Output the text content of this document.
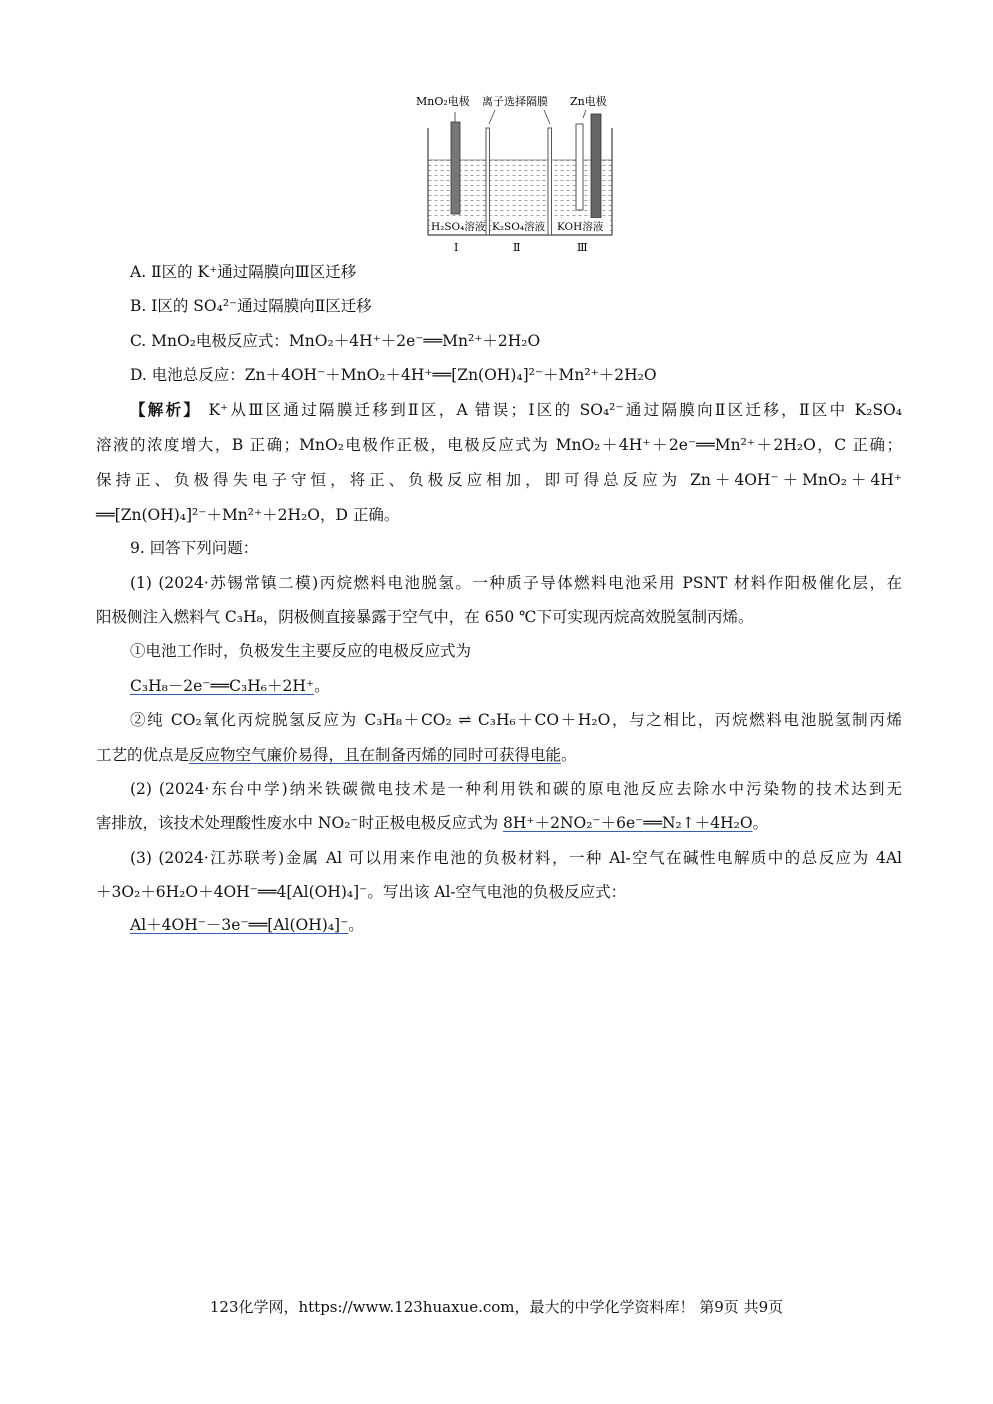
MnO₂电极 离子选择隔膜 Zn电极
H₂SO₄溶液 K₂SO₄溶液 KOH溶液
Ⅰ	Ⅱ	Ⅲ
A. Ⅱ区的 K⁺通过隔膜向Ⅲ区迁移
B. Ⅰ区的 SO₄²⁻通过隔膜向Ⅱ区迁移
C. MnO₂电极反应式：MnO₂＋4H⁺＋2e⁻══Mn²⁺＋2H₂O
D. 电池总反应：Zn＋4OH⁻＋MnO₂＋4H⁺══[Zn(OH)₄]²⁻＋Mn²⁺＋2H₂O
【解析】 K⁺从Ⅲ区通过隔膜迁移到Ⅱ区，A 错误；Ⅰ区的 SO₄²⁻通过隔膜向Ⅱ区迁移，Ⅱ区中 K₂SO₄
溶液的浓度增大，B 正确；MnO₂电极作正极，电极反应式为 MnO₂＋4H⁺＋2e⁻══Mn²⁺＋2H₂O，C 正确；
保持正、负极得失电子守恒，将正、负极反应相加，即可得总反应为 Zn＋4OH⁻＋MnO₂＋4H⁺
══[Zn(OH)₄]²⁻＋Mn²⁺＋2H₂O，D 正确。
9. 回答下列问题：
(1) (2024·苏锡常镇二模)丙烷燃料电池脱氢。一种质子导体燃料电池采用 PSNT 材料作阳极催化层，在
阳极侧注入燃料气 C₃H₈，阴极侧直接暴露于空气中，在 650 ℃下可实现丙烷高效脱氢制丙烯。
①电池工作时，负极发生主要反应的电极反应式为
C₃H₈－2e⁻══C₃H₆＋2H⁺。
②纯 CO₂氧化丙烷脱氢反应为 C₃H₈＋CO₂ ⇌ C₃H₆＋CO＋H₂O，与之相比，丙烷燃料电池脱氢制丙烯
工艺的优点是反应物空气廉价易得，且在制备丙烯的同时可获得电能。
(2) (2024·东台中学)纳米铁碳微电技术是一种利用铁和碳的原电池反应去除水中污染物的技术达到无
害排放，该技术处理酸性废水中 NO₂⁻时正极电极反应式为 8H⁺＋2NO₂⁻＋6e⁻══N₂↑＋4H₂O。
(3) (2024·江苏联考)金属 Al 可以用来作电池的负极材料，一种 Al-空气在碱性电解质中的总反应为 4Al
＋3O₂＋6H₂O＋4OH⁻══4[Al(OH)₄]⁻。写出该 Al-空气电池的负极反应式：
Al＋4OH⁻－3e⁻══[Al(OH)₄]⁻。
123化学网，https://www.123huaxue.com，最大的中学化学资料库！ 第9页 共9页
